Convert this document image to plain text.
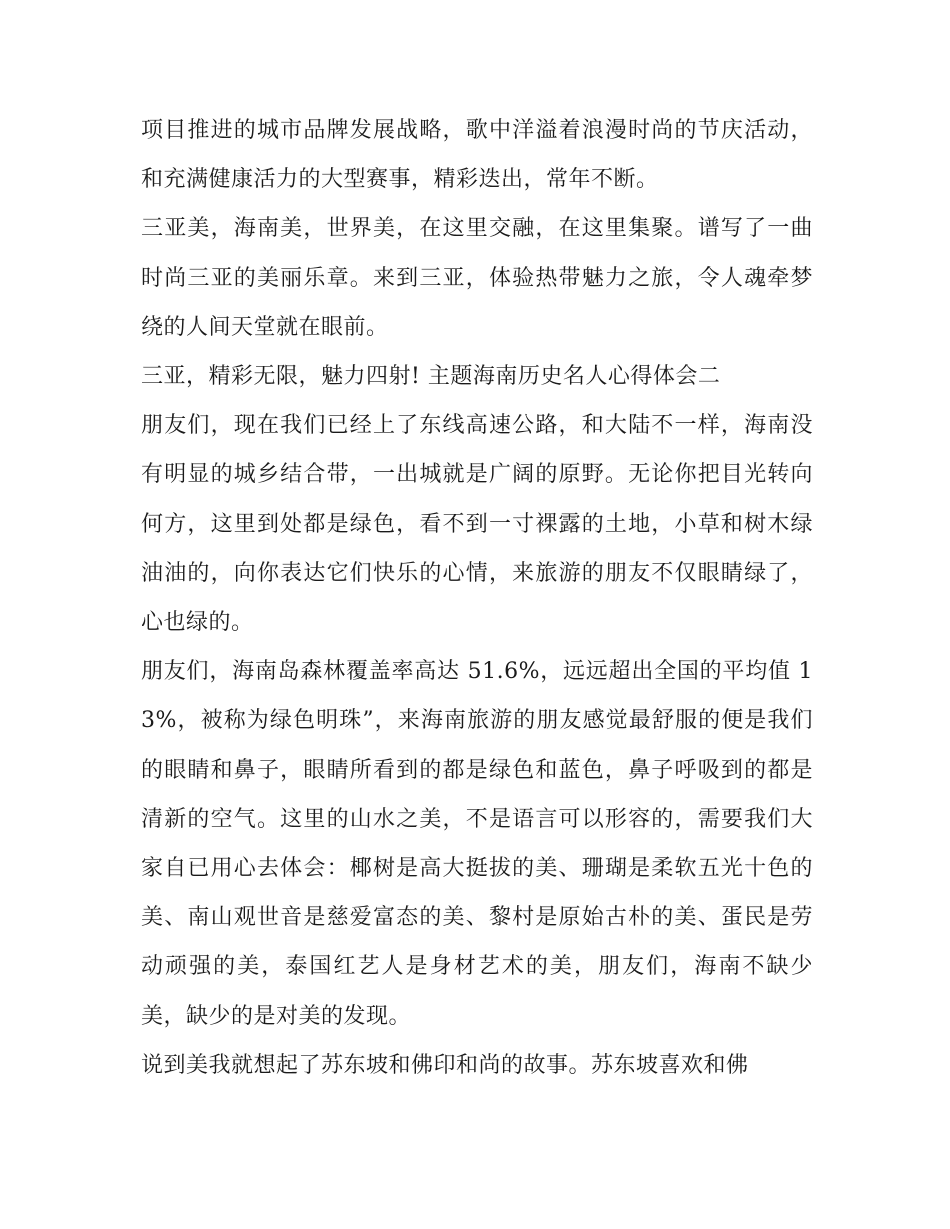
项目推进的城市品牌发展战略，歌中洋溢着浪漫时尚的节庆活动，和充满健康活力的大型赛事，精彩迭出，常年不断。

三亚美，海南美，世界美，在这里交融，在这里集聚。谱写了一曲时尚三亚的美丽乐章。来到三亚，体验热带魅力之旅，令人魂牵梦绕的人间天堂就在眼前。

三亚，精彩无限，魅力四射! 主题海南历史名人心得体会二

朋友们，现在我们已经上了东线高速公路，和大陆不一样，海南没有明显的城乡结合带，一出城就是广阔的原野。无论你把目光转向何方，这里到处都是绿色，看不到一寸裸露的土地，小草和树木绿油油的，向你表达它们快乐的心情，来旅游的朋友不仅眼睛绿了，心也绿的。

朋友们，海南岛森林覆盖率高达 51.6%，远远超出全国的平均值 13%，被称为绿色明珠”，来海南旅游的朋友感觉最舒服的便是我们的眼睛和鼻子，眼睛所看到的都是绿色和蓝色，鼻子呼吸到的都是清新的空气。这里的山水之美，不是语言可以形容的，需要我们大家自已用心去体会：椰树是高大挺拔的美、珊瑚是柔软五光十色的美、南山观世音是慈爱富态的美、黎村是原始古朴的美、蛋民是劳动顽强的美，泰国红艺人是身材艺术的美，朋友们，海南不缺少美，缺少的是对美的发现。

说到美我就想起了苏东坡和佛印和尚的故事。苏东坡喜欢和佛
